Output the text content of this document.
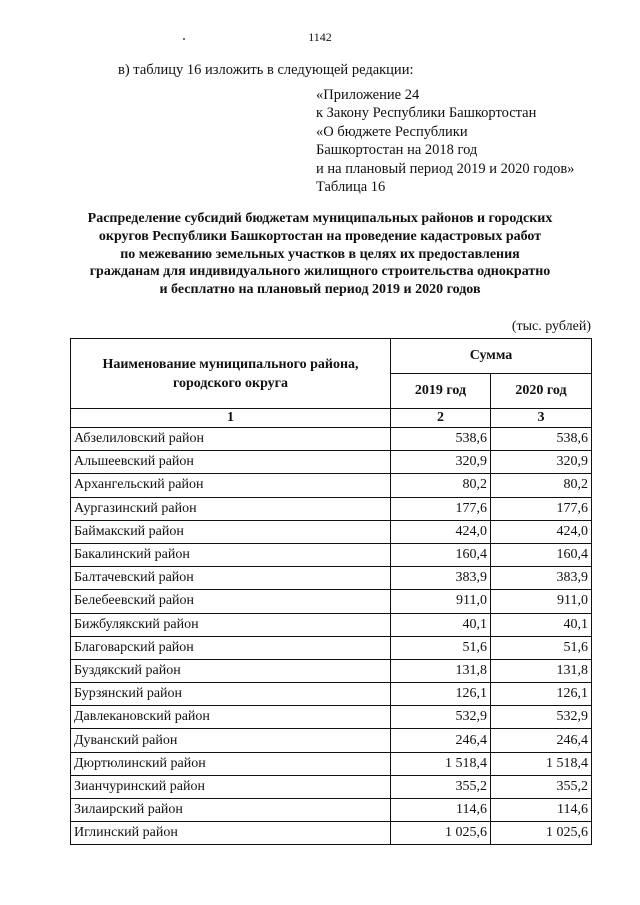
1142
в) таблицу 16 изложить в следующей редакции:
«Приложение 24
к Закону Республики Башкортостан
«О бюджете Республики
Башкортостан на 2018 год
и на плановый период 2019 и 2020 годов»
Таблица 16
Распределение субсидий бюджетам муниципальных районов и городских
округов Республики Башкортостан на проведение кадастровых работ
по межеванию земельных участков в целях их предоставления
гражданам для индивидуального жилищного строительства однократно
и бесплатно на плановый период 2019 и 2020 годов
(тыс. рублей)
Наименование муниципального района, городского округа	Сумма	
	2019 год	2020 год
1	2	3
Абзелиловский район	538,6	538,6
Альшеевский район	320,9	320,9
Архангельский район	80,2	80,2
Аургазинский район	177,6	177,6
Баймакский район	424,0	424,0
Бакалинский район	160,4	160,4
Балтачевский район	383,9	383,9
Белебеевский район	911,0	911,0
Бижбулякский район	40,1	40,1
Благоварский район	51,6	51,6
Буздякский район	131,8	131,8
Бурзянский район	126,1	126,1
Давлекановский район	532,9	532,9
Дуванский район	246,4	246,4
Дюртюлинский район	1 518,4	1 518,4
Зианчуринский район	355,2	355,2
Зилаирский район	114,6	114,6
Иглинский район	1 025,6	1 025,6
